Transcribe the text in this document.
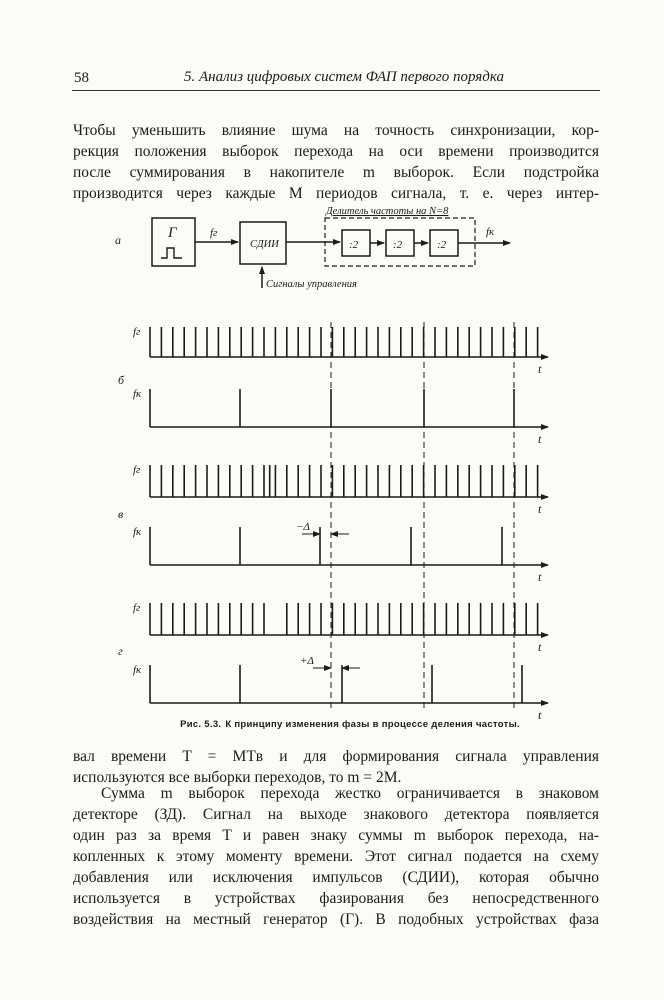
58	5. Анализ цифровых систем ФАП первого порядка

Чтобы уменьшить влияние шума на точность синхронизации, кор-
рекция положения выборок перехода на оси времени производится
после суммирования в накопителе m выборок. Если подстройка
производится через каждые M периодов сигнала, т. е. через интер-

а	Г	fг
СДИИ
Делитель частоты на N=8
:2	:2	:2
fк
Сигналы управления
t
fг
t
fк
t
fг
t
fк
t
fг
t
fк
б
в
г
−Δ
+Δ
Рис. 5.3. К принципу изменения фазы в процессе деления частоты.

вал времени T = MTв и для формирования сигнала управления
используются все выборки переходов, то m = 2M.

Сумма m выборок перехода жестко ограничивается в знаковом
детекторе (ЗД). Сигнал на выходе знакового детектора появляется
один раз за время T и равен знаку суммы m выборок перехода, на-
копленных к этому моменту времени. Этот сигнал подается на схему
добавления или исключения импульсов (СДИИ), которая обычно
используется в устройствах фазирования без непосредственного
воздействия на местный генератор (Г). В подобных устройствах фаза
